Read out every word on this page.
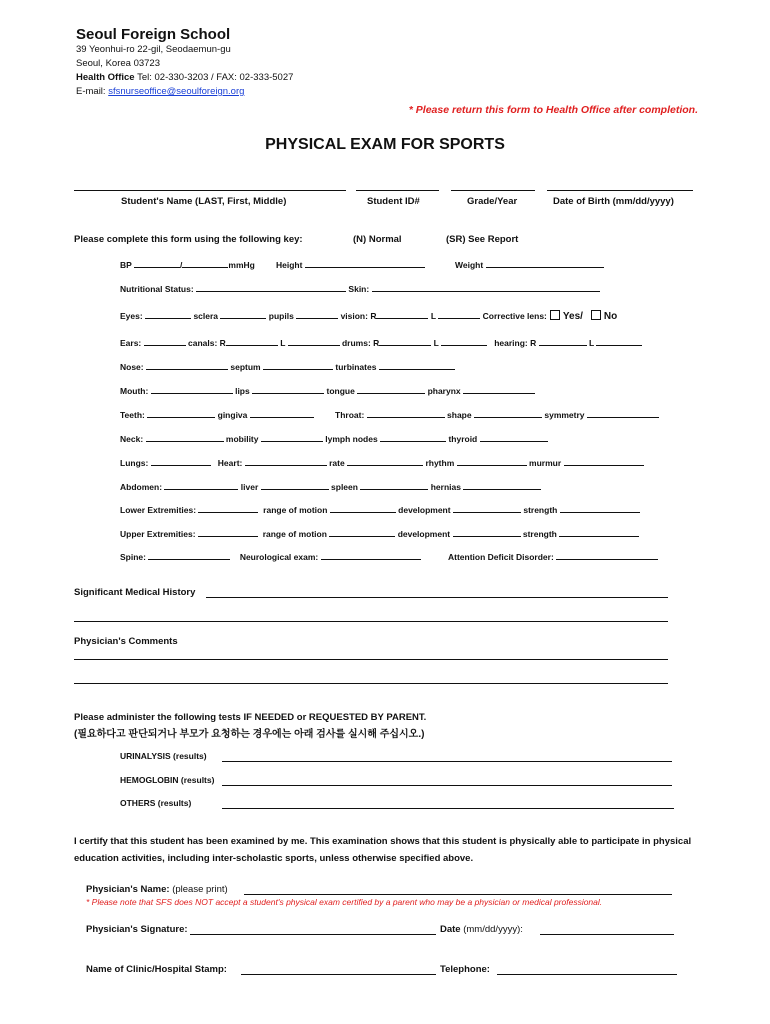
Seoul Foreign School
39 Yeonhui-ro 22-gil, Seodaemun-gu
Seoul, Korea 03723
Health Office Tel: 02-330-3203 / FAX: 02-333-5027
E-mail: sfsnurseoffice@seoulforeign.org
* Please return this form to Health Office after completion.
PHYSICAL EXAM FOR SPORTS
Student's Name (LAST, First, Middle)	Student ID#	Grade/Year	Date of Birth (mm/dd/yyyy)
Please complete this form using the following key:	(N) Normal	(SR) See Report
BP	/	mmHg Height	Weight
Nutritional Status:	Skin:
Eyes:	sclera	pupils	vision: R	L	Corrective lens: Yes/ No
Ears:	canals: R	L	drums: R	L	hearing: R	L
Nose:	septum	turbinates
Mouth:	lips	tongue	pharynx
Teeth:	gingiva	Throat:	shape	symmetry
Neck:	mobility	lymph nodes	thyroid
Lungs:	Heart:	rate	rhythm	murmur
Abdomen:	liver	spleen	hernias
Lower Extremities:	range of motion	development	strength
Upper Extremities:	range of motion	development	strength
Spine:	Neurological exam:	Attention Deficit Disorder:
Significant Medical History
Physician's Comments
Please administer the following tests IF NEEDED or REQUESTED BY PARENT.
(필요하다고 판단되거나 부모가 요청하는 경우에는 아래 검사를 실시해 주십시오.)
URINALYSIS (results)
HEMOGLOBIN (results)
OTHERS (results)
I certify that this student has been examined by me. This examination shows that this student is physically able to participate in physical education activities, including inter-scholastic sports, unless otherwise specified above.
Physician's Name: (please print)
* Please note that SFS does NOT accept a student's physical exam certified by a parent who may be a physician or medical professional.
Physician's Signature:	Date (mm/dd/yyyy):
Name of Clinic/Hospital Stamp:	Telephone:
